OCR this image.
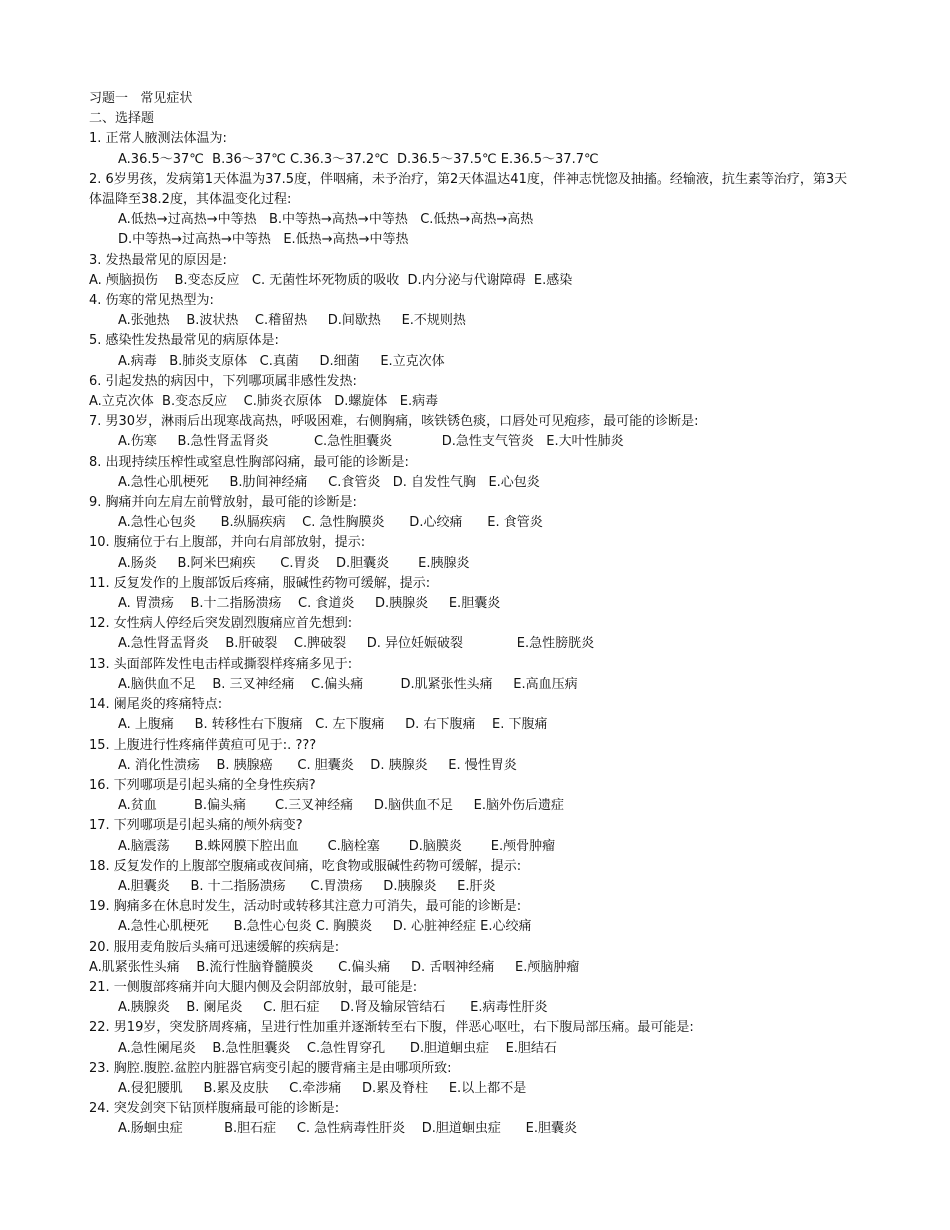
习题一   常见症状

二、选择题

1. 正常人腋测法体温为:

A.36.5～37℃  B.36～37℃ C.36.3～37.2℃  D.36.5～37.5℃ E.36.5～37.7℃

2. 6岁男孩，发病第1天体温为37.5度，伴咽痛，未予治疗，第2天体温达41度，伴神志恍惚及抽搐。经输液，抗生素等治疗，第3天体温降至38.2度，其体温变化过程:

A.低热→过高热→中等热   B.中等热→高热→中等热   C.低热→高热→高热

D.中等热→过高热→中等热   E.低热→高热→中等热

3. 发热最常见的原因是:

A. 颅脑损伤    B.变态反应   C. 无菌性坏死物质的吸收  D.内分泌与代谢障碍  E.感染

4. 伤寒的常见热型为:

A.张弛热    B.波状热    C.稽留热     D.间歇热     E.不规则热

5. 感染性发热最常见的病原体是:

A.病毒   B.肺炎支原体   C.真菌     D.细菌     E.立克次体

6. 引起发热的病因中，下列哪项属非感性发热:

A.立克次体  B.变态反应    C.肺炎衣原体   D.螺旋体   E.病毒

7. 男30岁，淋雨后出现寒战高热，呼吸困难，右侧胸痛，咳铁锈色痰，口唇处可见疱疹，最可能的诊断是:

A.伤寒     B.急性肾盂肾炎           C.急性胆囊炎            D.急性支气管炎   E.大叶性肺炎

8. 出现持续压榨性或窒息性胸部闷痛，最可能的诊断是:

A.急性心肌梗死     B.肋间神经痛     C.食管炎   D. 自发性气胸   E.心包炎

9. 胸痛并向左肩左前臂放射，最可能的诊断是:

A.急性心包炎      B.纵膈疾病    C. 急性胸膜炎      D.心绞痛      E. 食管炎

10. 腹痛位于右上腹部，并向右肩部放射，提示:

A.肠炎     B.阿米巴痢疾      C.胃炎    D.胆囊炎       E.胰腺炎

11. 反复发作的上腹部饭后疼痛，服碱性药物可缓解，提示:

A. 胃溃疡    B.十二指肠溃疡    C. 食道炎     D.胰腺炎     E.胆囊炎

12. 女性病人停经后突发剧烈腹痛应首先想到:

A.急性肾盂肾炎    B.肝破裂    C.脾破裂     D. 异位妊娠破裂             E.急性膀胱炎

13. 头面部阵发性电击样或撕裂样疼痛多见于:

A.脑供血不足    B. 三叉神经痛    C.偏头痛         D.肌紧张性头痛     E.高血压病

14. 阑尾炎的疼痛特点:

A. 上腹痛     B. 转移性右下腹痛   C. 左下腹痛     D. 右下腹痛    E. 下腹痛

15. 上腹进行性疼痛伴黄疸可见于:. ???

A. 消化性溃疡    B. 胰腺癌      C. 胆囊炎    D. 胰腺炎     E. 慢性胃炎

16. 下列哪项是引起头痛的全身性疾病?

A.贫血         B.偏头痛       C.三叉神经痛     D.脑供血不足     E.脑外伤后遗症

17. 下列哪项是引起头痛的颅外病变?

A.脑震荡      B.蛛网膜下腔出血       C.脑栓塞       D.脑膜炎       E.颅骨肿瘤

18. 反复发作的上腹部空腹痛或夜间痛，吃食物或服碱性药物可缓解，提示:

A.胆囊炎     B. 十二指肠溃疡      C.胃溃疡     D.胰腺炎     E.肝炎

19. 胸痛多在休息时发生，活动时或转移其注意力可消失，最可能的诊断是:

A.急性心肌梗死      B.急性心包炎 C. 胸膜炎     D. 心脏神经症 E.心绞痛

20. 服用麦角胺后头痛可迅速缓解的疾病是:

A.肌紧张性头痛    B.流行性脑脊髓膜炎      C.偏头痛     D. 舌咽神经痛     E.颅脑肿瘤

21. 一侧腹部疼痛并向大腿内侧及会阴部放射，最可能是:

A.胰腺炎    B. 阑尾炎     C. 胆石症     D.肾及输尿管结石      E.病毒性肝炎

22. 男19岁，突发脐周疼痛，呈进行性加重并逐渐转至右下腹，伴恶心呕吐，右下腹局部压痛。最可能是:

A.急性阑尾炎    B.急性胆囊炎    C.急性胃穿孔      D.胆道蛔虫症    E.胆结石

23. 胸腔.腹腔.盆腔内脏器官病变引起的腰背痛主是由哪项所致:

A.侵犯腰肌     B.累及皮肤     C.牵涉痛     D.累及脊柱     E.以上都不是

24. 突发剑突下钻顶样腹痛最可能的诊断是:

A.肠蛔虫症          B.胆石症     C. 急性病毒性肝炎    D.胆道蛔虫症      E.胆囊炎
